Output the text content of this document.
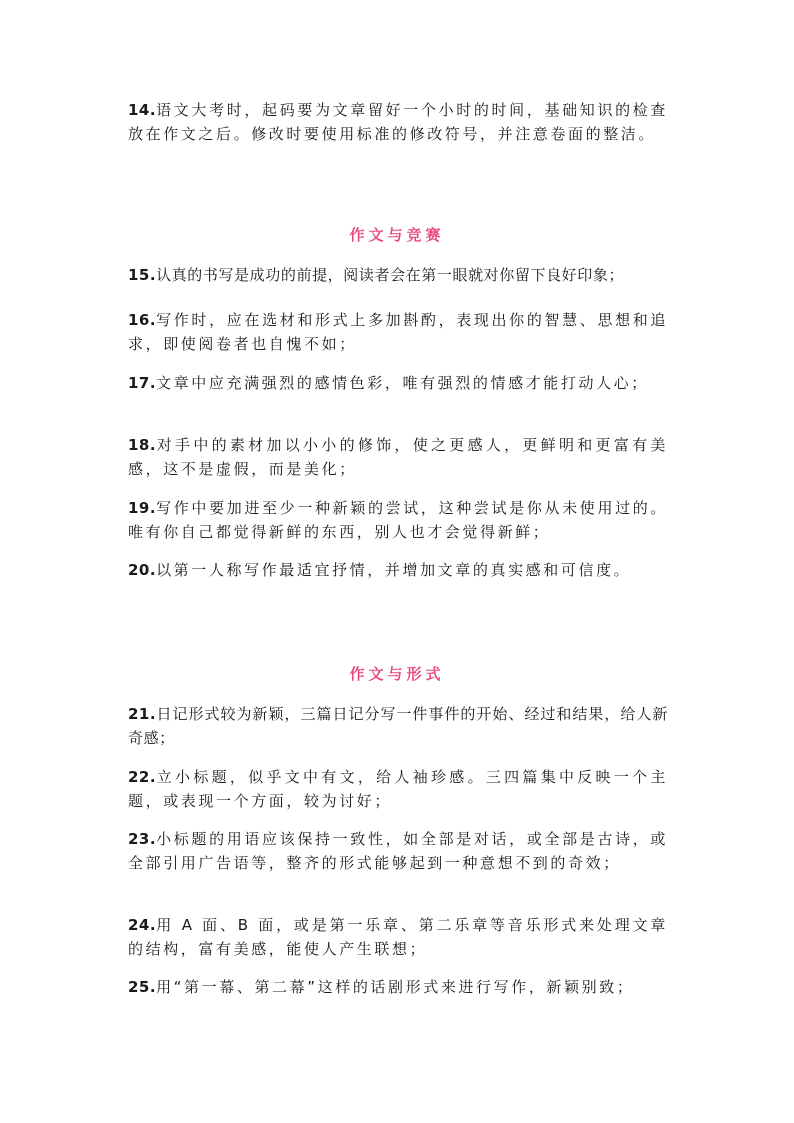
14.语文大考时，起码要为文章留好一个小时的时间，基础知识的检查放在作文之后。修改时要使用标准的修改符号，并注意卷面的整洁。

作文与竞赛

15.认真的书写是成功的前提，阅读者会在第一眼就对你留下良好印象；

16.写作时，应在选材和形式上多加斟酌，表现出你的智慧、思想和追求，即使阅卷者也自愧不如；

17.文章中应充满强烈的感情色彩，唯有强烈的情感才能打动人心；

18.对手中的素材加以小小的修饰，使之更感人，更鲜明和更富有美感，这不是虚假，而是美化；

19.写作中要加进至少一种新颖的尝试，这种尝试是你从未使用过的。唯有你自己都觉得新鲜的东西，别人也才会觉得新鲜；

20.以第一人称写作最适宜抒情，并增加文章的真实感和可信度。

作文与形式

21.日记形式较为新颖，三篇日记分写一件事件的开始、经过和结果，给人新奇感；

22.立小标题，似乎文中有文，给人袖珍感。三四篇集中反映一个主题，或表现一个方面，较为讨好；

23.小标题的用语应该保持一致性，如全部是对话，或全部是古诗，或全部引用广告语等，整齐的形式能够起到一种意想不到的奇效；

24.用 A 面、B 面，或是第一乐章、第二乐章等音乐形式来处理文章的结构，富有美感，能使人产生联想；

25.用“第一幕、第二幕”这样的话剧形式来进行写作，新颖别致；
